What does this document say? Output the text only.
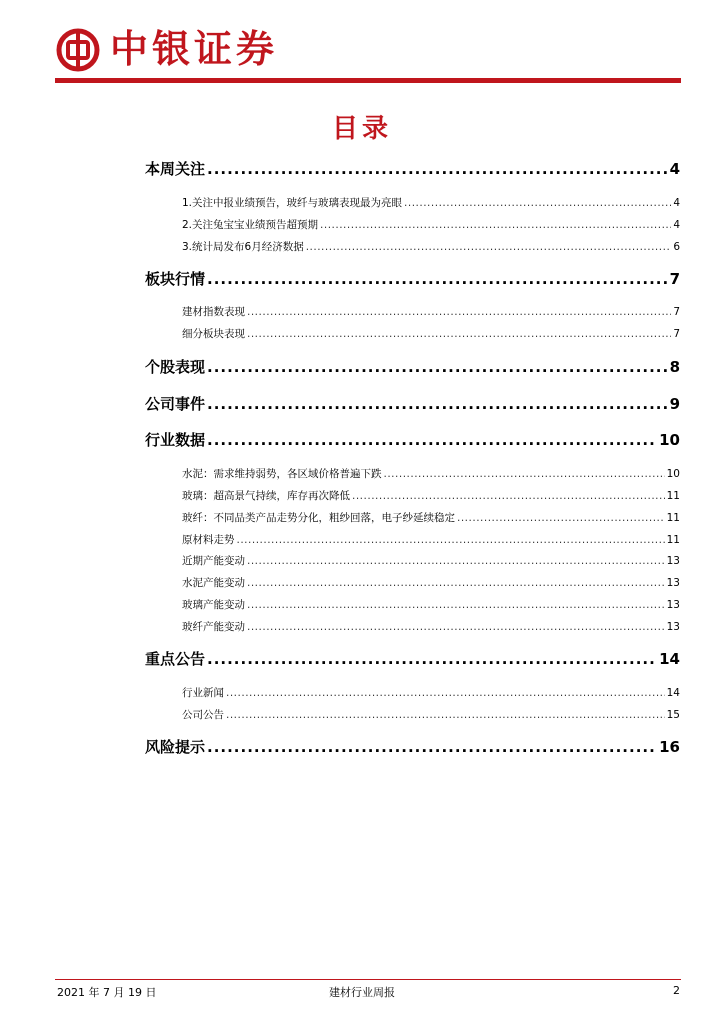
中银证券
目录
本周关注 .....	4
1.关注中报业绩预告，玻纤与玻璃表现最为亮眼 .....	4
2.关注兔宝宝业绩预告超预期 .....	4
3.统计局发布6月经济数据 .....	6
板块行情 .....	7
建材指数表现 .....	7
细分板块表现 .....	7
个股表现 .....	8
公司事件 .....	9
行业数据 .....	10
水泥：需求维持弱势，各区域价格普遍下跌 .....	10
玻璃：超高景气持续，库存再次降低 .....	11
玻纤：不同品类产品走势分化，粗纱回落，电子纱延续稳定 .....	11
原材料走势 .....	11
近期产能变动 .....	13
水泥产能变动 .....	13
玻璃产能变动 .....	13
玻纤产能变动 .....	13
重点公告 .....	14
行业新闻 .....	14
公司公告 .....	15
风险提示 .....	16
2021 年 7 月 19 日	建材行业周报	2
